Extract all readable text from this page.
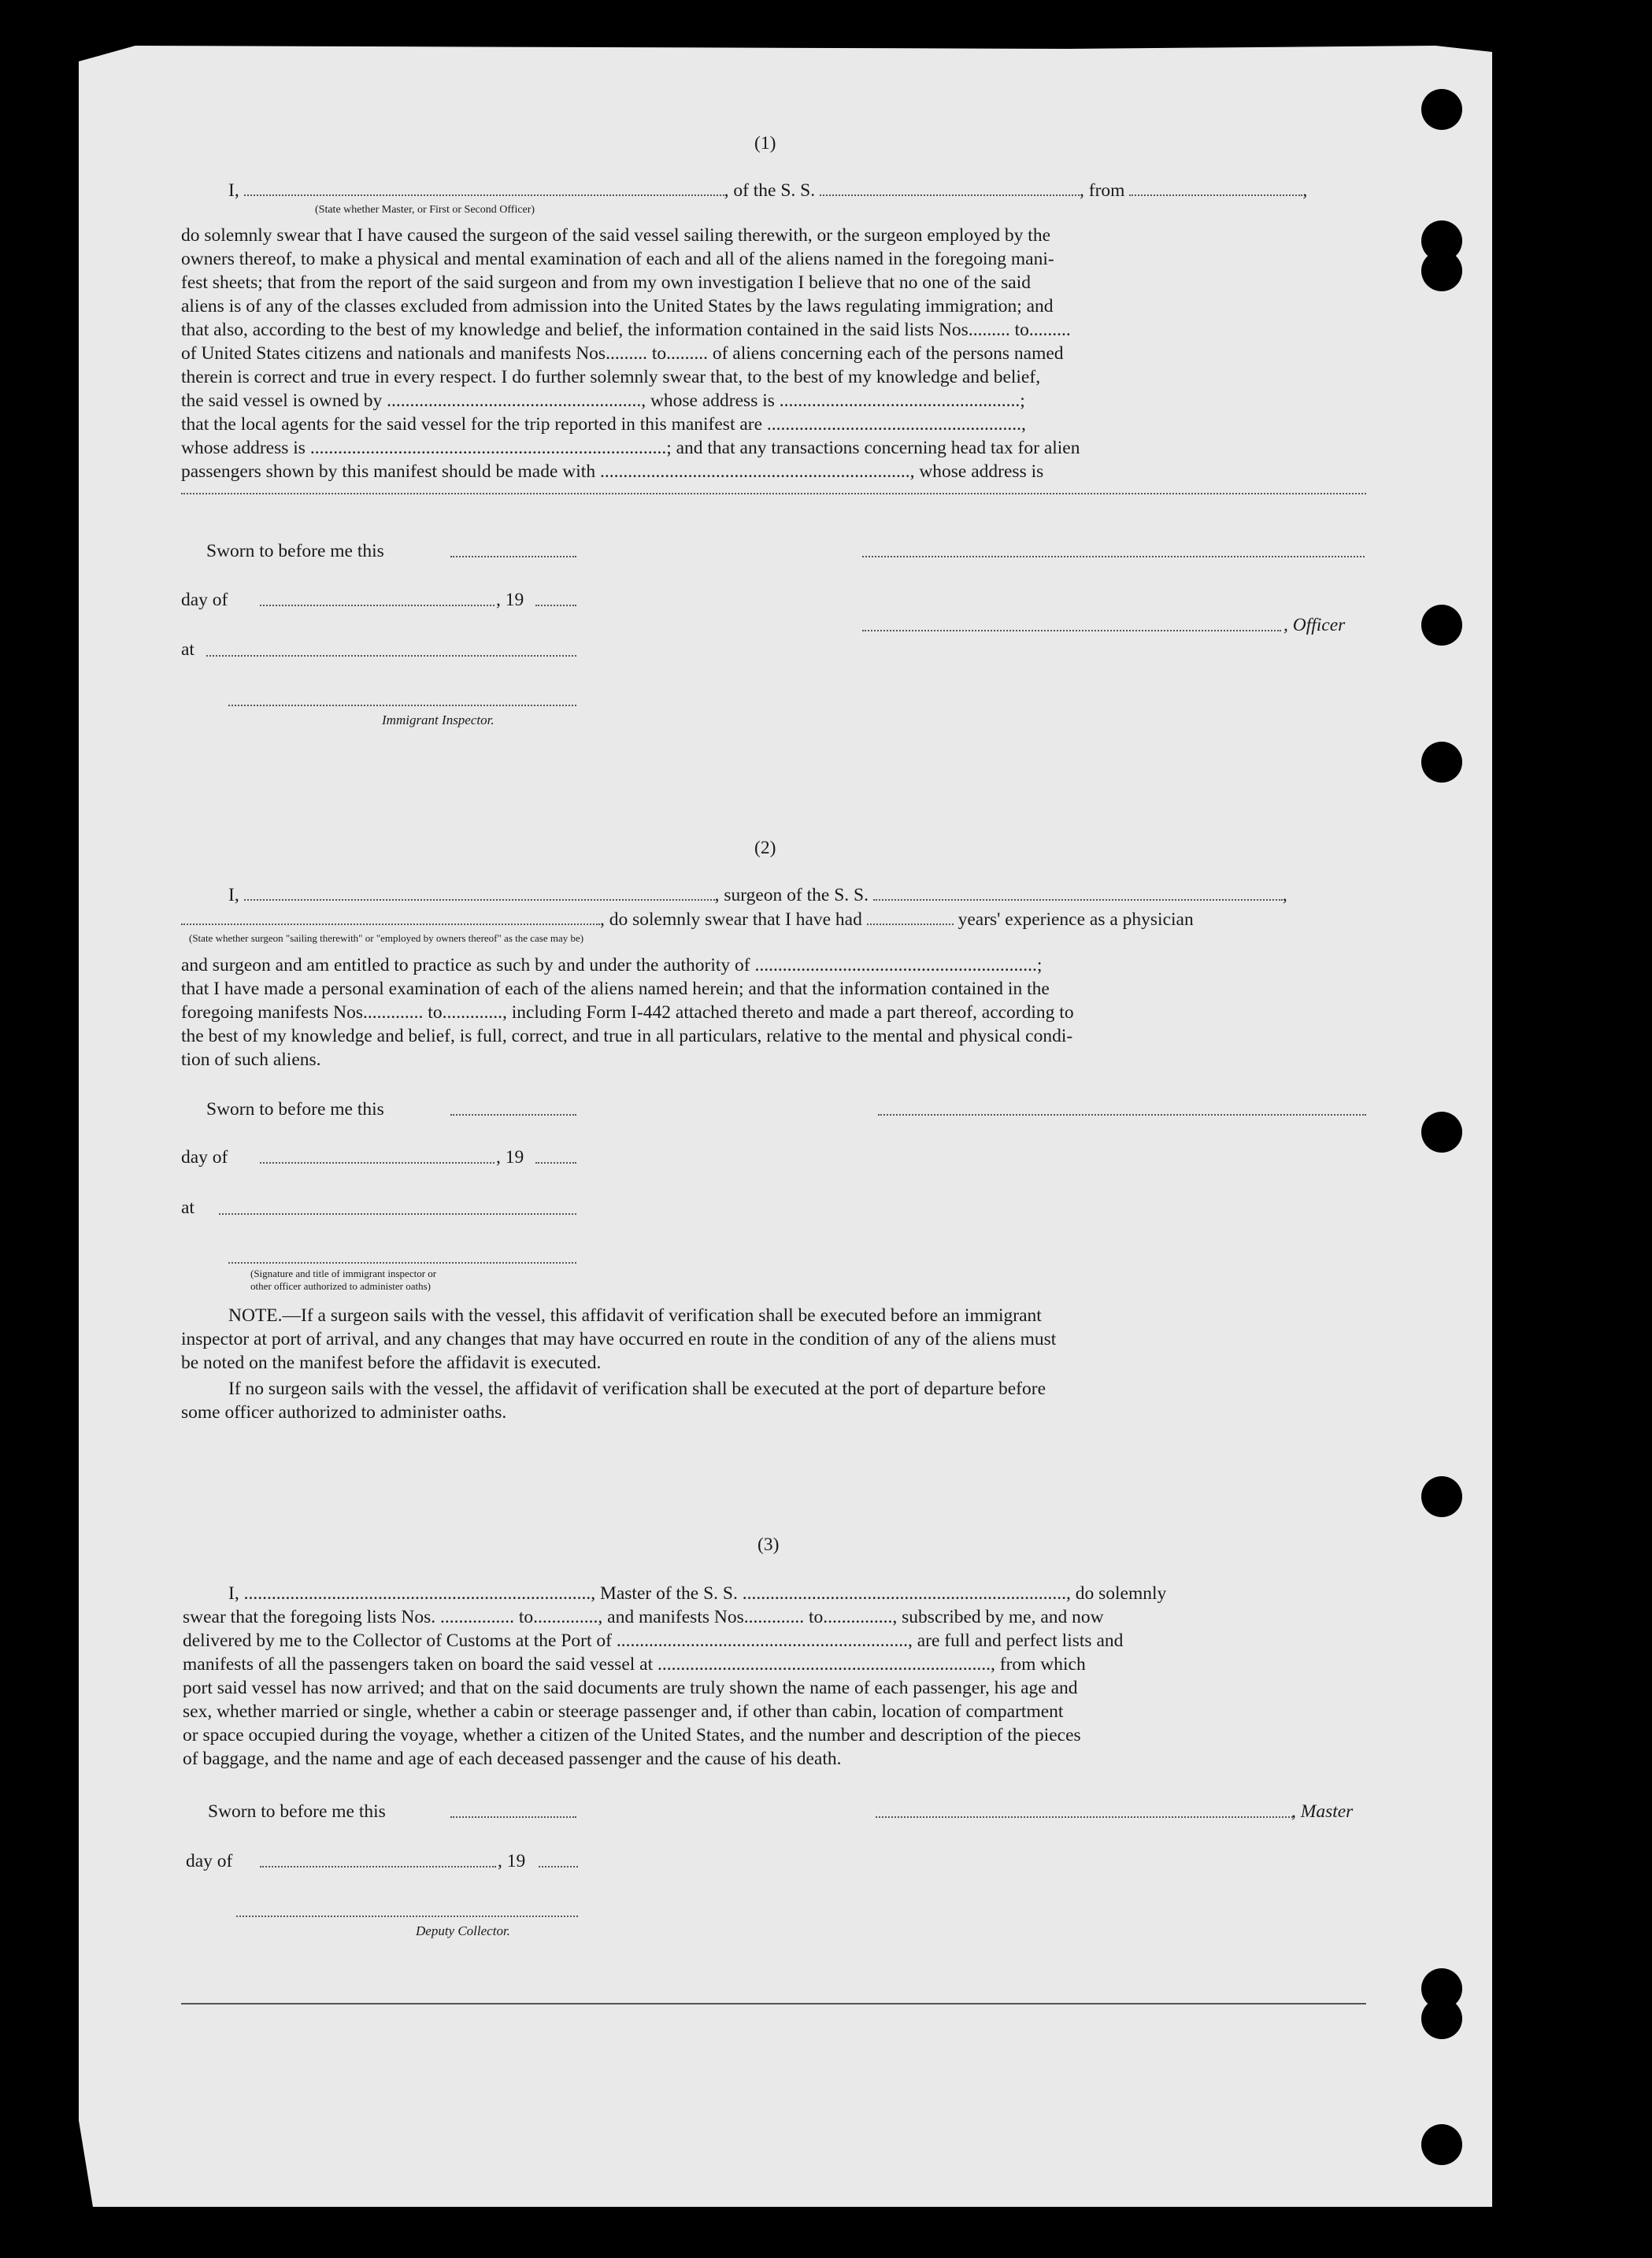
(1)
I,	, of the S. S.	, from	,
(State whether Master, or First or Second Officer)
do solemnly swear that I have caused the surgeon of the said vessel sailing therewith, or the surgeon employed by the
owners thereof, to make a physical and mental examination of each and all of the aliens named in the foregoing mani-
fest sheets; that from the report of the said surgeon and from my own investigation I believe that no one of the said
aliens is of any of the classes excluded from admission into the United States by the laws regulating immigration; and
that also, according to the best of my knowledge and belief, the information contained in the said lists Nos......... to.........
of United States citizens and nationals and manifests Nos......... to......... of aliens concerning each of the persons named
therein is correct and true in every respect. I do further solemnly swear that, to the best of my knowledge and belief,
the said vessel is owned by ......................................................., whose address is ....................................................;
that the local agents for the said vessel for the trip reported in this manifest are .......................................................,
whose address is .............................................................................; and that any transactions concerning head tax for alien
passengers shown by this manifest should be made with ..................................................................., whose address is
Sworn to before me this
day of	, 19
, Officer
at
Immigrant Inspector.
(2)
I,	, surgeon of the S. S.	,
, do solemnly swear that I have had	years' experience as a physician
(State whether surgeon "sailing therewith" or "employed by owners thereof" as the case may be)
and surgeon and am entitled to practice as such by and under the authority of .............................................................;
that I have made a personal examination of each of the aliens named herein; and that the information contained in the
foregoing manifests Nos............. to............., including Form I-442 attached thereto and made a part thereof, according to
the best of my knowledge and belief, is full, correct, and true in all particulars, relative to the mental and physical condi-
tion of such aliens.
Sworn to before me this
day of	, 19
at
(Signature and title of immigrant inspector or
other officer authorized to administer oaths)
NOTE.—If a surgeon sails with the vessel, this affidavit of verification shall be executed before an immigrant
inspector at port of arrival, and any changes that may have occurred en route in the condition of any of the aliens must
be noted on the manifest before the affidavit is executed.
If no surgeon sails with the vessel, the affidavit of verification shall be executed at the port of departure before
some officer authorized to administer oaths.
(3)
I, ..........................................................................., Master of the S. S. ......................................................................, do solemnly
swear that the foregoing lists Nos. ................ to.............., and manifests Nos............. to..............., subscribed by me, and now
delivered by me to the Collector of Customs at the Port of ..............................................................., are full and perfect lists and
manifests of all the passengers taken on board the said vessel at ........................................................................, from which
port said vessel has now arrived; and that on the said documents are truly shown the name of each passenger, his age and
sex, whether married or single, whether a cabin or steerage passenger and, if other than cabin, location of compartment
or space occupied during the voyage, whether a citizen of the United States, and the number and description of the pieces
of baggage, and the name and age of each deceased passenger and the cause of his death.
Sworn to before me this	, Master
day of	, 19
Deputy Collector.
